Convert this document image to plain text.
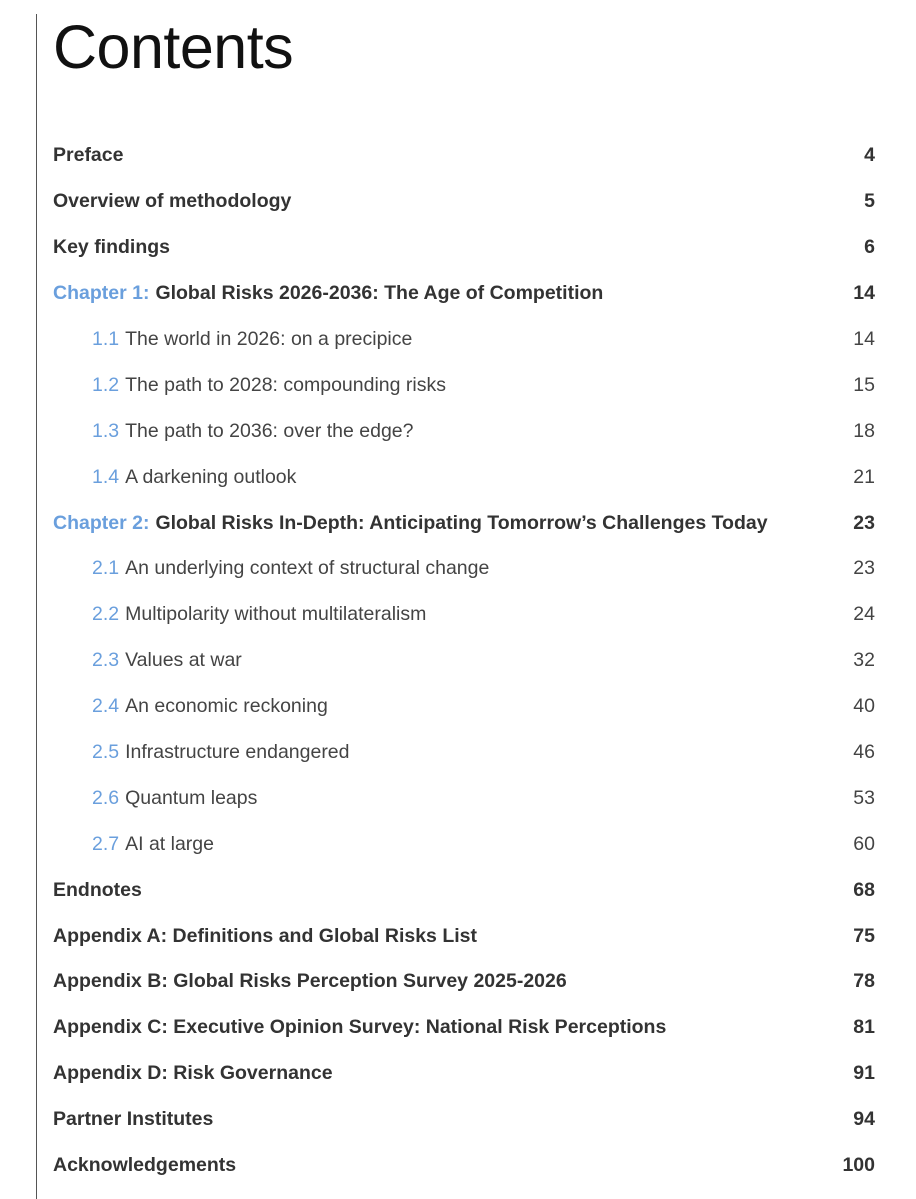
Contents
Preface	4
Overview of methodology	5
Key findings	6
Chapter 1: Global Risks 2026-2036: The Age of Competition	14
1.1 The world in 2026: on a precipice	14
1.2 The path to 2028: compounding risks	15
1.3 The path to 2036: over the edge?	18
1.4 A darkening outlook	21
Chapter 2: Global Risks In-Depth: Anticipating Tomorrow’s Challenges Today	23
2.1 An underlying context of structural change	23
2.2 Multipolarity without multilateralism	24
2.3 Values at war	32
2.4 An economic reckoning	40
2.5 Infrastructure endangered	46
2.6 Quantum leaps	53
2.7 AI at large	60
Endnotes	68
Appendix A: Definitions and Global Risks List	75
Appendix B: Global Risks Perception Survey 2025-2026	78
Appendix C: Executive Opinion Survey: National Risk Perceptions	81
Appendix D: Risk Governance	91
Partner Institutes	94
Acknowledgements	100
